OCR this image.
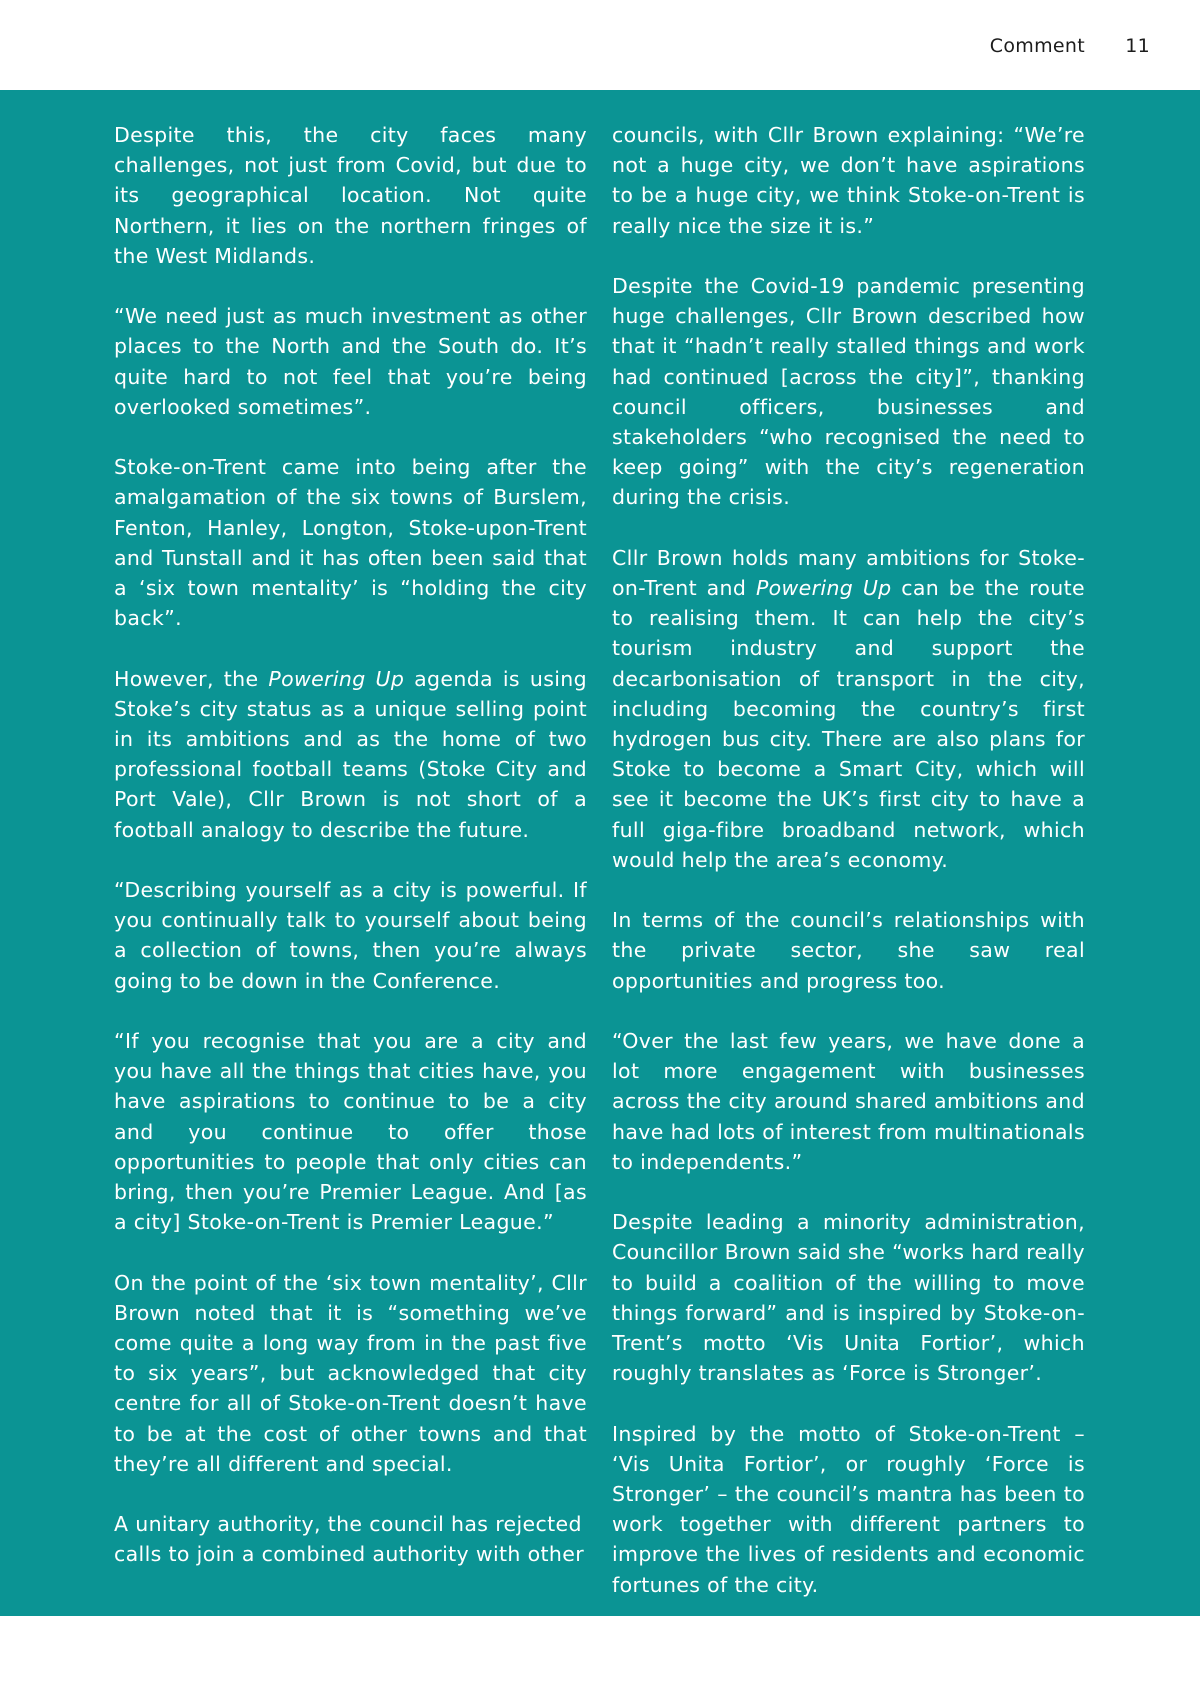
Comment 11

Despite this, the city faces many challenges, not just from Covid, but due to its geographical location. Not quite Northern, it lies on the northern fringes of the West Midlands.

“We need just as much investment as other places to the North and the South do. It’s quite hard to not feel that you’re being overlooked sometimes”.

Stoke-on-Trent came into being after the amalgamation of the six towns of Burslem, Fenton, Hanley, Longton, Stoke-upon-Trent and Tunstall and it has often been said that a ‘six town mentality’ is “holding the city back”.

However, the Powering Up agenda is using Stoke’s city status as a unique selling point in its ambitions and as the home of two professional football teams (Stoke City and Port Vale), Cllr Brown is not short of a football analogy to describe the future.

“Describing yourself as a city is powerful. If you continually talk to yourself about being a collection of towns, then you’re always going to be down in the Conference.

“If you recognise that you are a city and you have all the things that cities have, you have aspirations to continue to be a city and you continue to offer those opportunities to people that only cities can bring, then you’re Premier League. And [as a city] Stoke-on-Trent is Premier League.”

On the point of the ‘six town mentality’, Cllr Brown noted that it is “something we’ve come quite a long way from in the past five to six years”, but acknowledged that city centre for all of Stoke-on-Trent doesn’t have to be at the cost of other towns and that they’re all different and special.

A unitary authority, the council has rejected calls to join a combined authority with other

councils, with Cllr Brown explaining: “We’re not a huge city, we don’t have aspirations to be a huge city, we think Stoke-on-Trent is really nice the size it is.”

Despite the Covid-19 pandemic presenting huge challenges, Cllr Brown described how that it “hadn’t really stalled things and work had continued [across the city]”, thanking council officers, businesses and stakeholders “who recognised the need to keep going” with the city’s regeneration during the crisis.

Cllr Brown holds many ambitions for Stoke-on-Trent and Powering Up can be the route to realising them. It can help the city’s tourism industry and support the decarbonisation of transport in the city, including becoming the country’s first hydrogen bus city. There are also plans for Stoke to become a Smart City, which will see it become the UK’s first city to have a full giga-fibre broadband network, which would help the area’s economy.

In terms of the council’s relationships with the private sector, she saw real opportunities and progress too.

“Over the last few years, we have done a lot more engagement with businesses across the city around shared ambitions and have had lots of interest from multinationals to independents.”

Despite leading a minority administration, Councillor Brown said she “works hard really to build a coalition of the willing to move things forward” and is inspired by Stoke-on-Trent’s motto ‘Vis Unita Fortior’, which roughly translates as ‘Force is Stronger’.

Inspired by the motto of Stoke-on-Trent – ‘Vis Unita Fortior’, or roughly ‘Force is Stronger’ – the council’s mantra has been to work together with different partners to improve the lives of residents and economic fortunes of the city.
